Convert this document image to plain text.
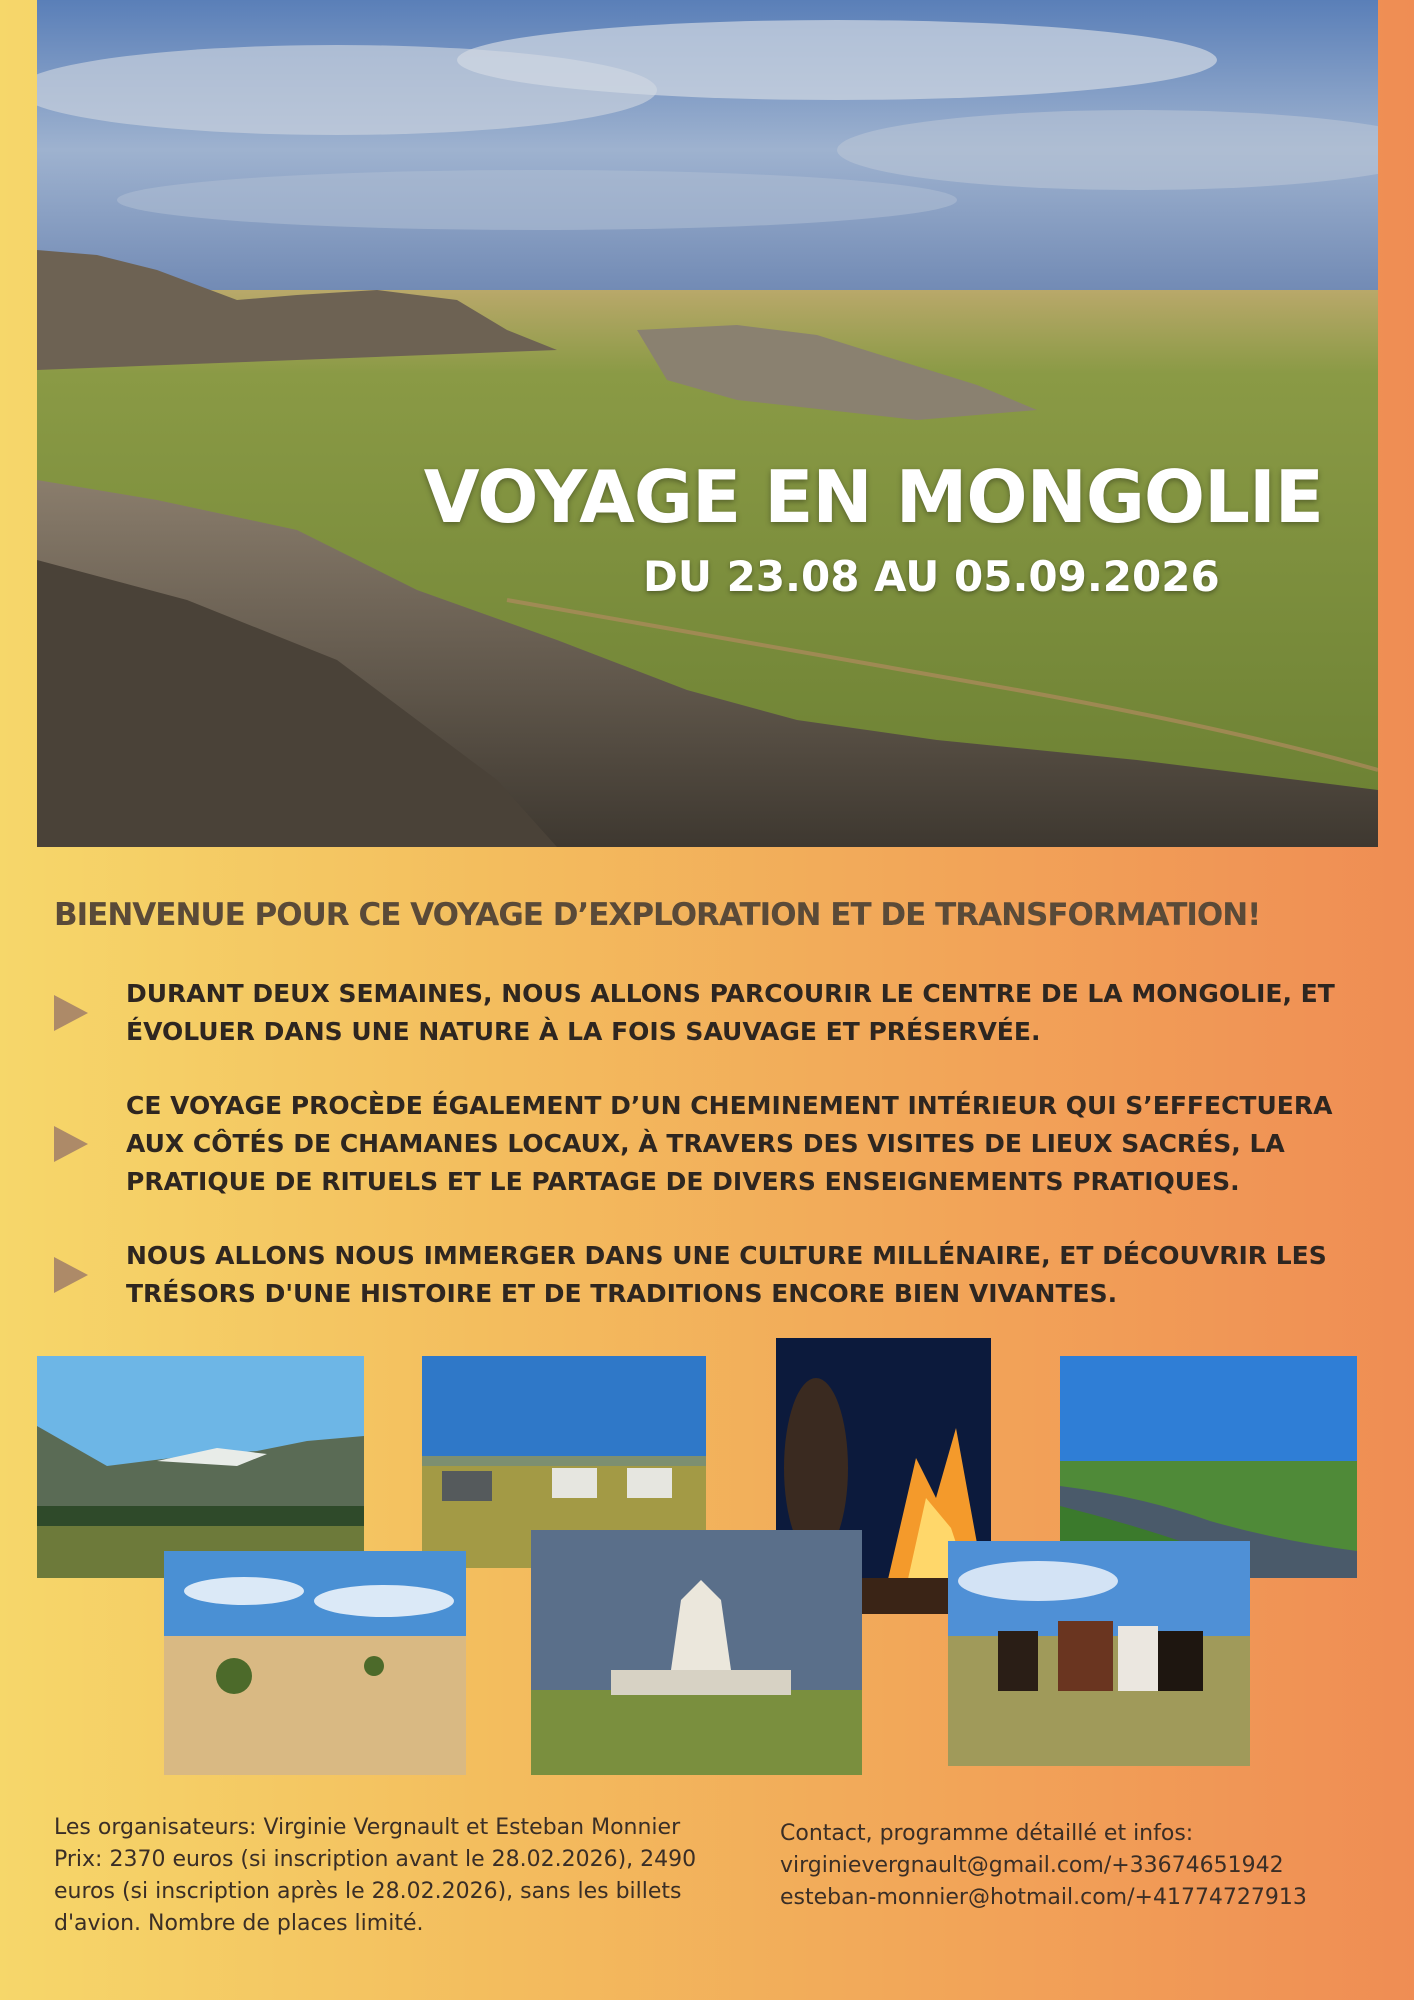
VOYAGE EN MONGOLIE
DU 23.08 AU 05.09.2026
BIENVENUE POUR CE VOYAGE D’EXPLORATION ET DE TRANSFORMATION!

DURANT DEUX SEMAINES, NOUS ALLONS PARCOURIR LE CENTRE DE LA MONGOLIE, ET ÉVOLUER DANS UNE NATURE À LA FOIS SAUVAGE ET PRÉSERVÉE.

CE VOYAGE PROCÈDE ÉGALEMENT D’UN CHEMINEMENT INTÉRIEUR QUI S’EFFECTUERA AUX CÔTÉS DE CHAMANES LOCAUX, À TRAVERS DES VISITES DE LIEUX SACRÉS, LA PRATIQUE DE RITUELS ET LE PARTAGE DE DIVERS ENSEIGNEMENTS PRATIQUES.

NOUS ALLONS NOUS IMMERGER DANS UNE CULTURE MILLÉNAIRE, ET DÉCOUVRIR LES TRÉSORS D'UNE HISTOIRE ET DE TRADITIONS ENCORE BIEN VIVANTES.

Les organisateurs: Virginie Vergnault et Esteban Monnier

Prix: 2370 euros (si inscription avant le 28.02.2026), 2490 euros (si inscription après le 28.02.2026), sans les billets d'avion. Nombre de places limité.

Contact, programme détaillé et infos:

virginievergnault@gmail.com/+33674651942

esteban-monnier@hotmail.com/+41774727913
